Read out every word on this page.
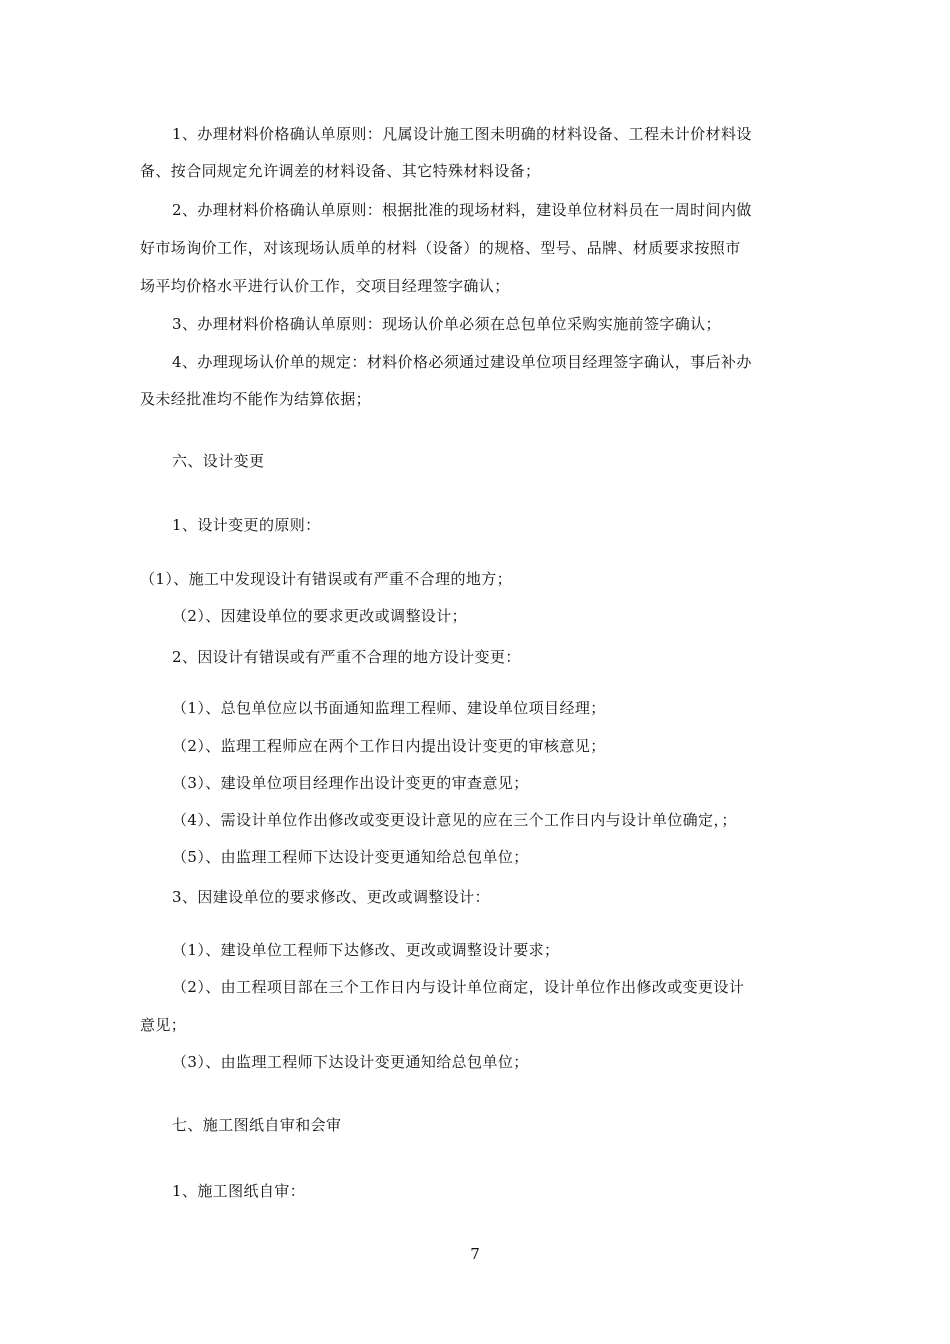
1、办理材料价格确认单原则：凡属设计施工图未明确的材料设备、工程未计价材料设
备、按合同规定允许调差的材料设备、其它特殊材料设备；
2、办理材料价格确认单原则：根据批准的现场材料，建设单位材料员在一周时间内做
好市场询价工作，对该现场认质单的材料（设备）的规格、型号、品牌、材质要求按照市
场平均价格水平进行认价工作，交项目经理签字确认；
3、办理材料价格确认单原则：现场认价单必须在总包单位采购实施前签字确认；
4、办理现场认价单的规定：材料价格必须通过建设单位项目经理签字确认，事后补办
及未经批准均不能作为结算依据；
六、设计变更
1、设计变更的原则：
（1）、施工中发现设计有错误或有严重不合理的地方；
（2）、因建设单位的要求更改或调整设计；
2、因设计有错误或有严重不合理的地方设计变更：
（1）、总包单位应以书面通知监理工程师、建设单位项目经理；
（2）、监理工程师应在两个工作日内提出设计变更的审核意见；
（3）、建设单位项目经理作出设计变更的审查意见；
（4）、需设计单位作出修改或变更设计意见的应在三个工作日内与设计单位确定，；
（5）、由监理工程师下达设计变更通知给总包单位；
3、因建设单位的要求修改、更改或调整设计：
（1）、建设单位工程师下达修改、更改或调整设计要求；
（2）、由工程项目部在三个工作日内与设计单位商定，设计单位作出修改或变更设计
意见；
（3）、由监理工程师下达设计变更通知给总包单位；
七、施工图纸自审和会审
1、施工图纸自审：
7
